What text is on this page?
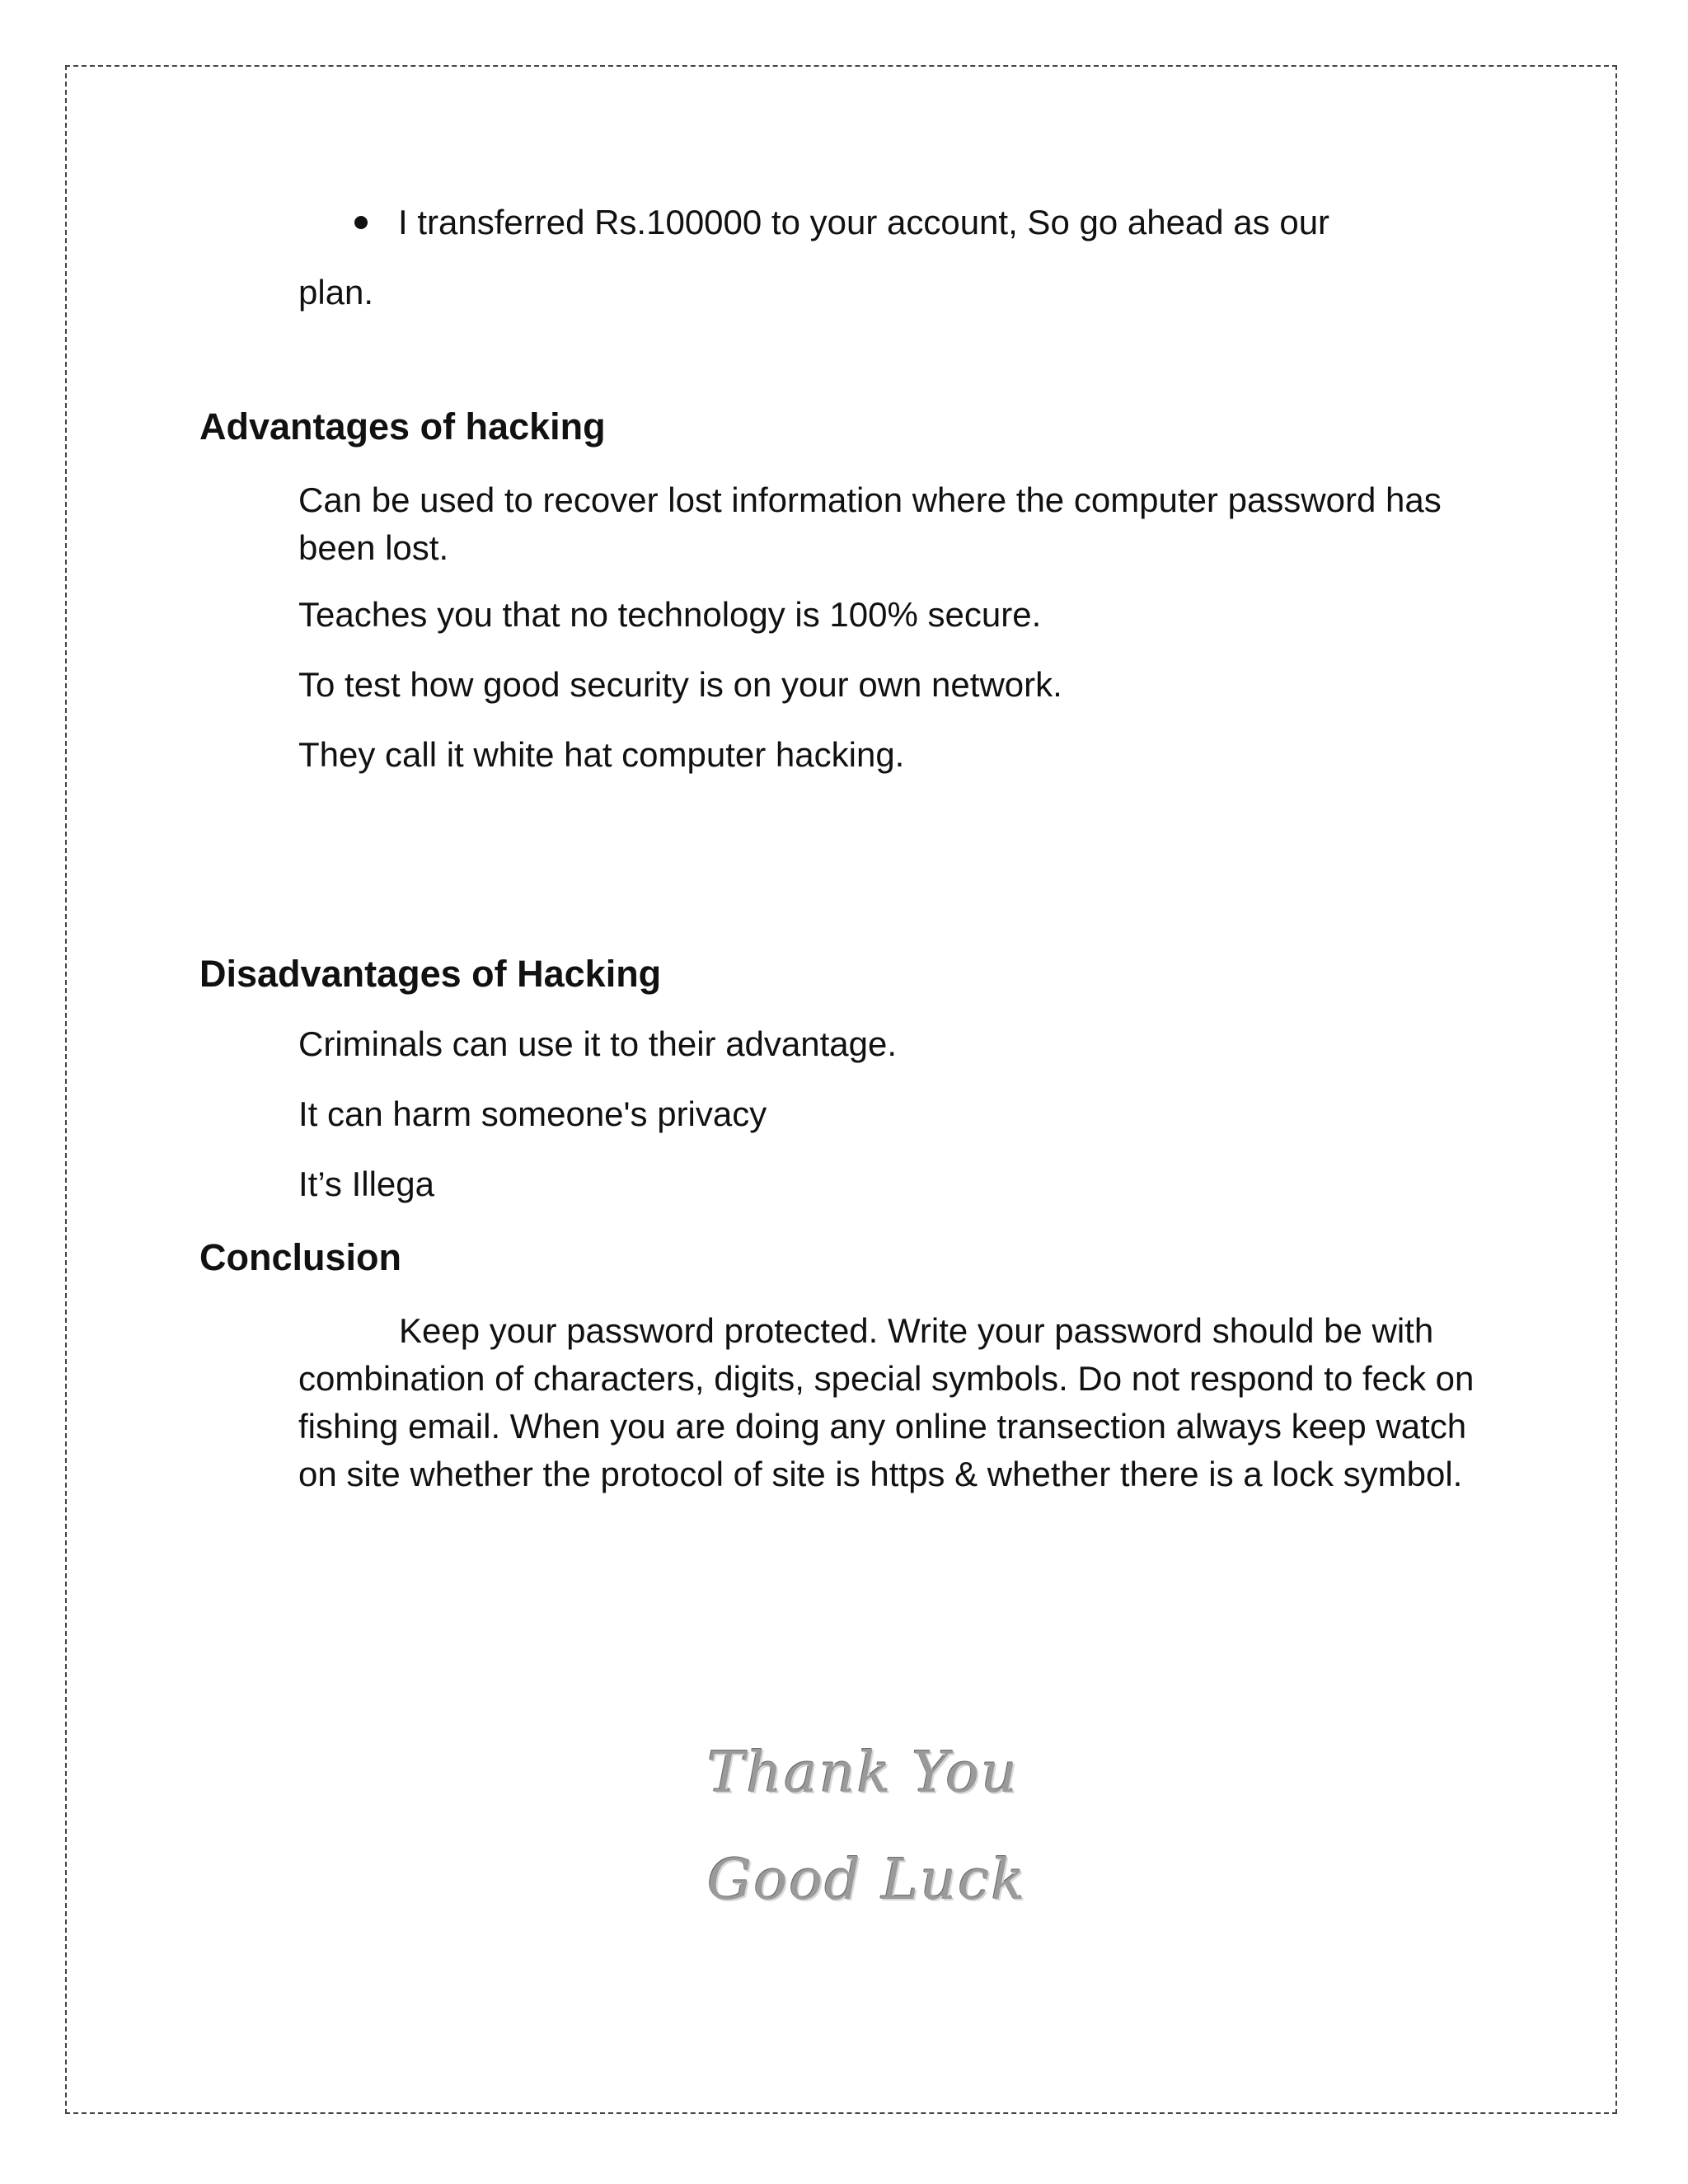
I transferred Rs.100000 to your account, So go ahead as our
plan.
Advantages of hacking
Can be used to recover lost information where the computer password has been lost.
Teaches you that no technology is 100% secure.
To test how good security is on your own network.
They call it white hat computer hacking.
Disadvantages of Hacking
Criminals can use it to their advantage.
It can harm someone's privacy
It’s Illega
Conclusion
Keep your password protected. Write your password should be with combination of characters, digits, special symbols. Do not respond to feck on fishing email. When you are doing any online transection always keep watch on site whether the protocol of site is https & whether there is a lock symbol.
Thank You
Good Luck
